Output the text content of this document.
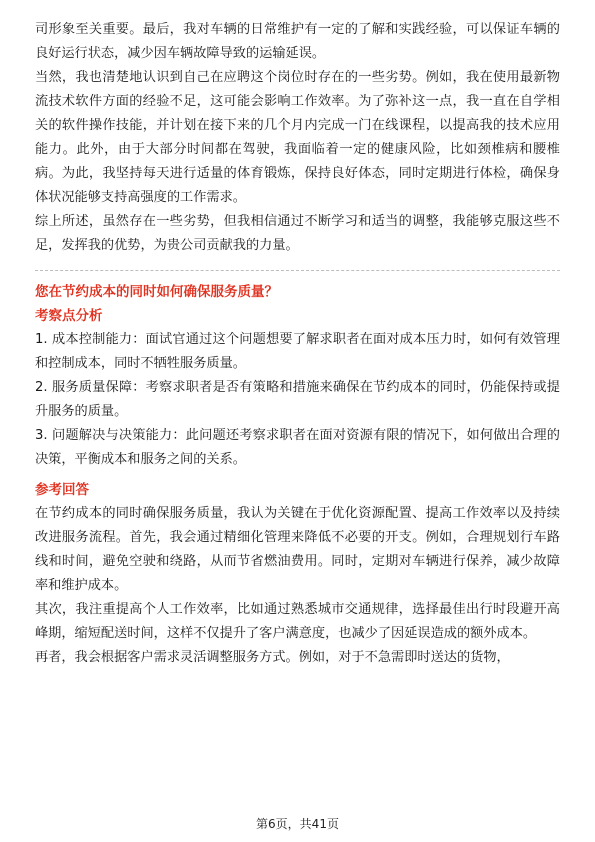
司形象至关重要。最后，我对车辆的日常维护有一定的了解和实践经验，可以保证车辆的良好运行状态，减少因车辆故障导致的运输延误。

当然，我也清楚地认识到自己在应聘这个岗位时存在的一些劣势。例如，我在使用最新物流技术软件方面的经验不足，这可能会影响工作效率。为了弥补这一点，我一直在自学相关的软件操作技能，并计划在接下来的几个月内完成一门在线课程，以提高我的技术应用能力。此外，由于大部分时间都在驾驶，我面临着一定的健康风险，比如颈椎病和腰椎病。为此，我坚持每天进行适量的体育锻炼，保持良好体态，同时定期进行体检，确保身体状况能够支持高强度的工作需求。

综上所述，虽然存在一些劣势，但我相信通过不断学习和适当的调整，我能够克服这些不足，发挥我的优势，为贵公司贡献我的力量。

您在节约成本的同时如何确保服务质量？

考察点分析

1. 成本控制能力：面试官通过这个问题想要了解求职者在面对成本压力时，如何有效管理和控制成本，同时不牺牲服务质量。

2. 服务质量保障：考察求职者是否有策略和措施来确保在节约成本的同时，仍能保持或提升服务的质量。

3. 问题解决与决策能力：此问题还考察求职者在面对资源有限的情况下，如何做出合理的决策，平衡成本和服务之间的关系。

参考回答

在节约成本的同时确保服务质量，我认为关键在于优化资源配置、提高工作效率以及持续改进服务流程。首先，我会通过精细化管理来降低不必要的开支。例如，合理规划行车路线和时间，避免空驶和绕路，从而节省燃油费用。同时，定期对车辆进行保养，减少故障率和维护成本。

其次，我注重提高个人工作效率，比如通过熟悉城市交通规律，选择最佳出行时段避开高峰期，缩短配送时间，这样不仅提升了客户满意度，也减少了因延误造成的额外成本。

再者，我会根据客户需求灵活调整服务方式。例如，对于不急需即时送达的货物，

第6页，共41页
